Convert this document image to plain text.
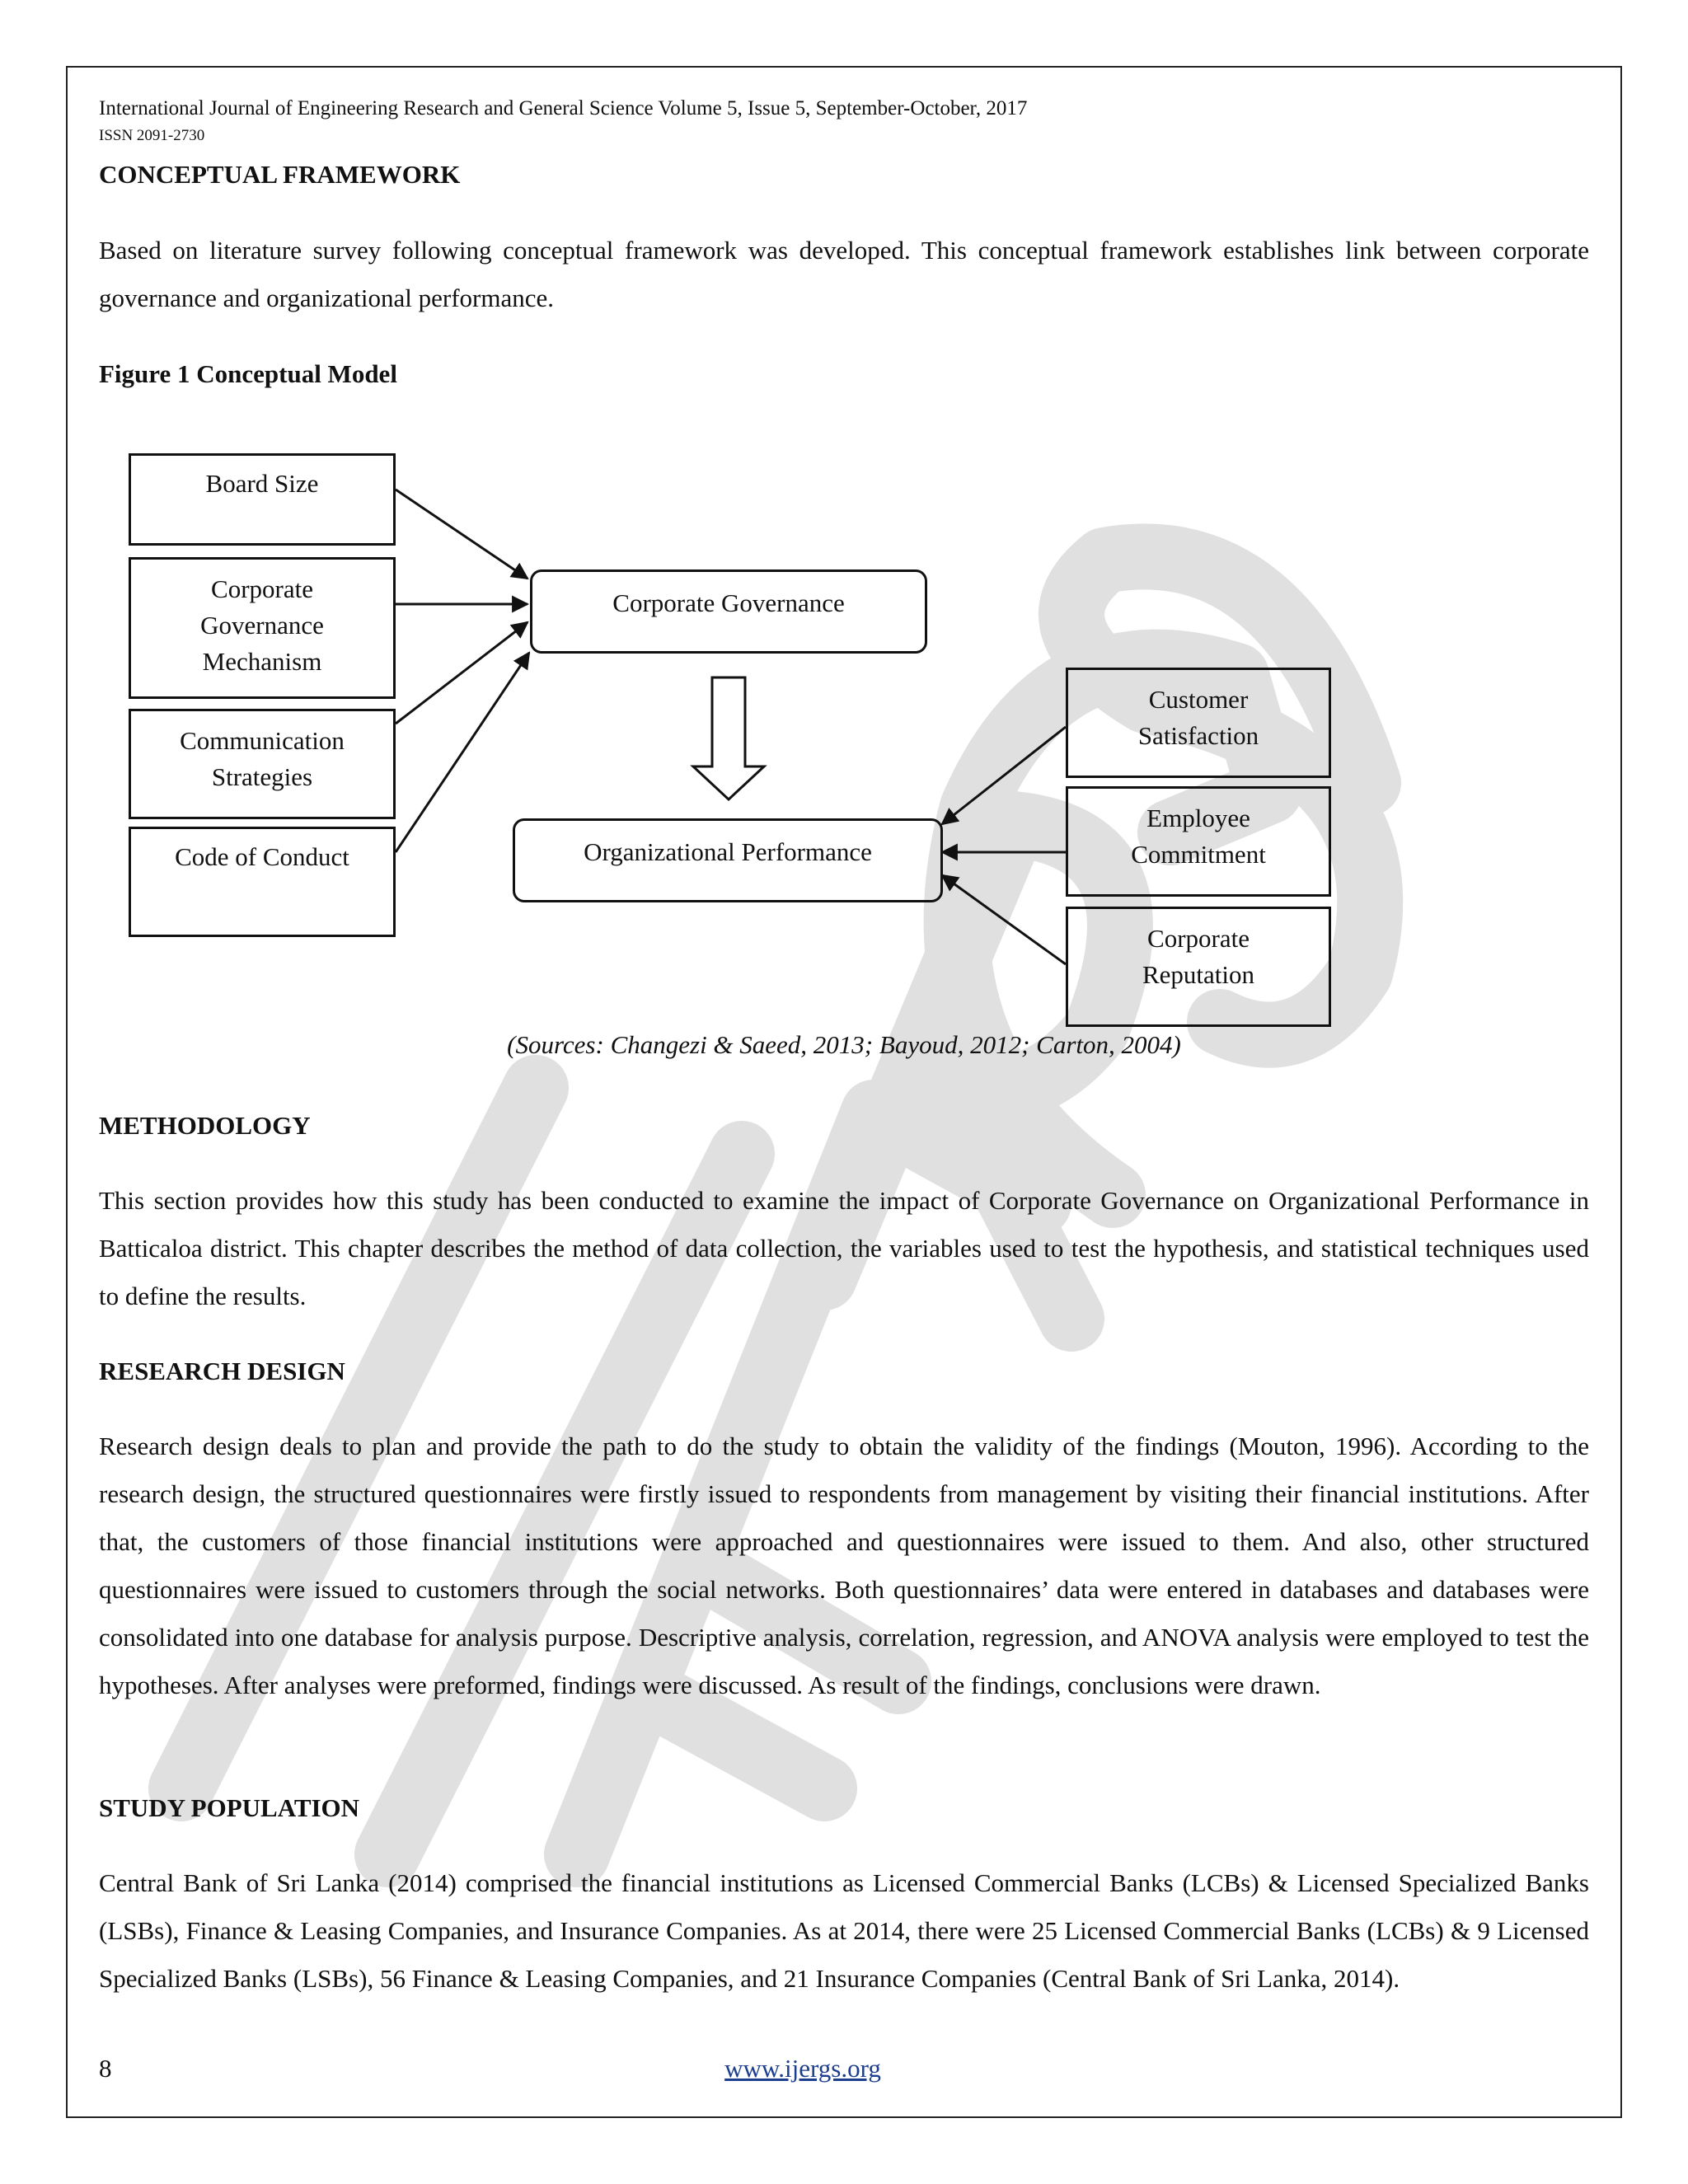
International Journal of Engineering Research and General Science Volume 5, Issue 5, September-October, 2017
ISSN 2091-2730
CONCEPTUAL FRAMEWORK
Based on literature survey following conceptual framework was developed. This conceptual framework establishes link between corporate governance and organizational performance.
Figure 1 Conceptual Model
Board Size
Corporate Governance Mechanism
Communication Strategies
Code of Conduct
Corporate Governance
Organizational Performance
Customer Satisfaction
Employee Commitment
Corporate Reputation
(Sources: Changezi & Saeed, 2013; Bayoud, 2012; Carton, 2004)
METHODOLOGY
This section provides how this study has been conducted to examine the impact of Corporate Governance on Organizational Performance in Batticaloa district. This chapter describes the method of data collection, the variables used to test the hypothesis, and statistical techniques used to define the results.
RESEARCH DESIGN
Research design deals to plan and provide the path to do the study to obtain the validity of the findings (Mouton, 1996). According to the research design, the structured questionnaires were firstly issued to respondents from management by visiting their financial institutions. After that, the customers of those financial institutions were approached and questionnaires were issued to them. And also, other structured questionnaires were issued to customers through the social networks. Both questionnaires’ data were entered in databases and databases were consolidated into one database for analysis purpose. Descriptive analysis, correlation, regression, and ANOVA analysis were employed to test the hypotheses. After analyses were preformed, findings were discussed. As result of the findings, conclusions were drawn.
STUDY POPULATION
Central Bank of Sri Lanka (2014) comprised the financial institutions as Licensed Commercial Banks (LCBs) & Licensed Specialized Banks (LSBs), Finance & Leasing Companies, and Insurance Companies. As at 2014, there were 25 Licensed Commercial Banks (LCBs) & 9 Licensed Specialized Banks (LSBs), 56 Finance & Leasing Companies, and 21 Insurance Companies (Central Bank of Sri Lanka, 2014).
8	www.ijergs.org
